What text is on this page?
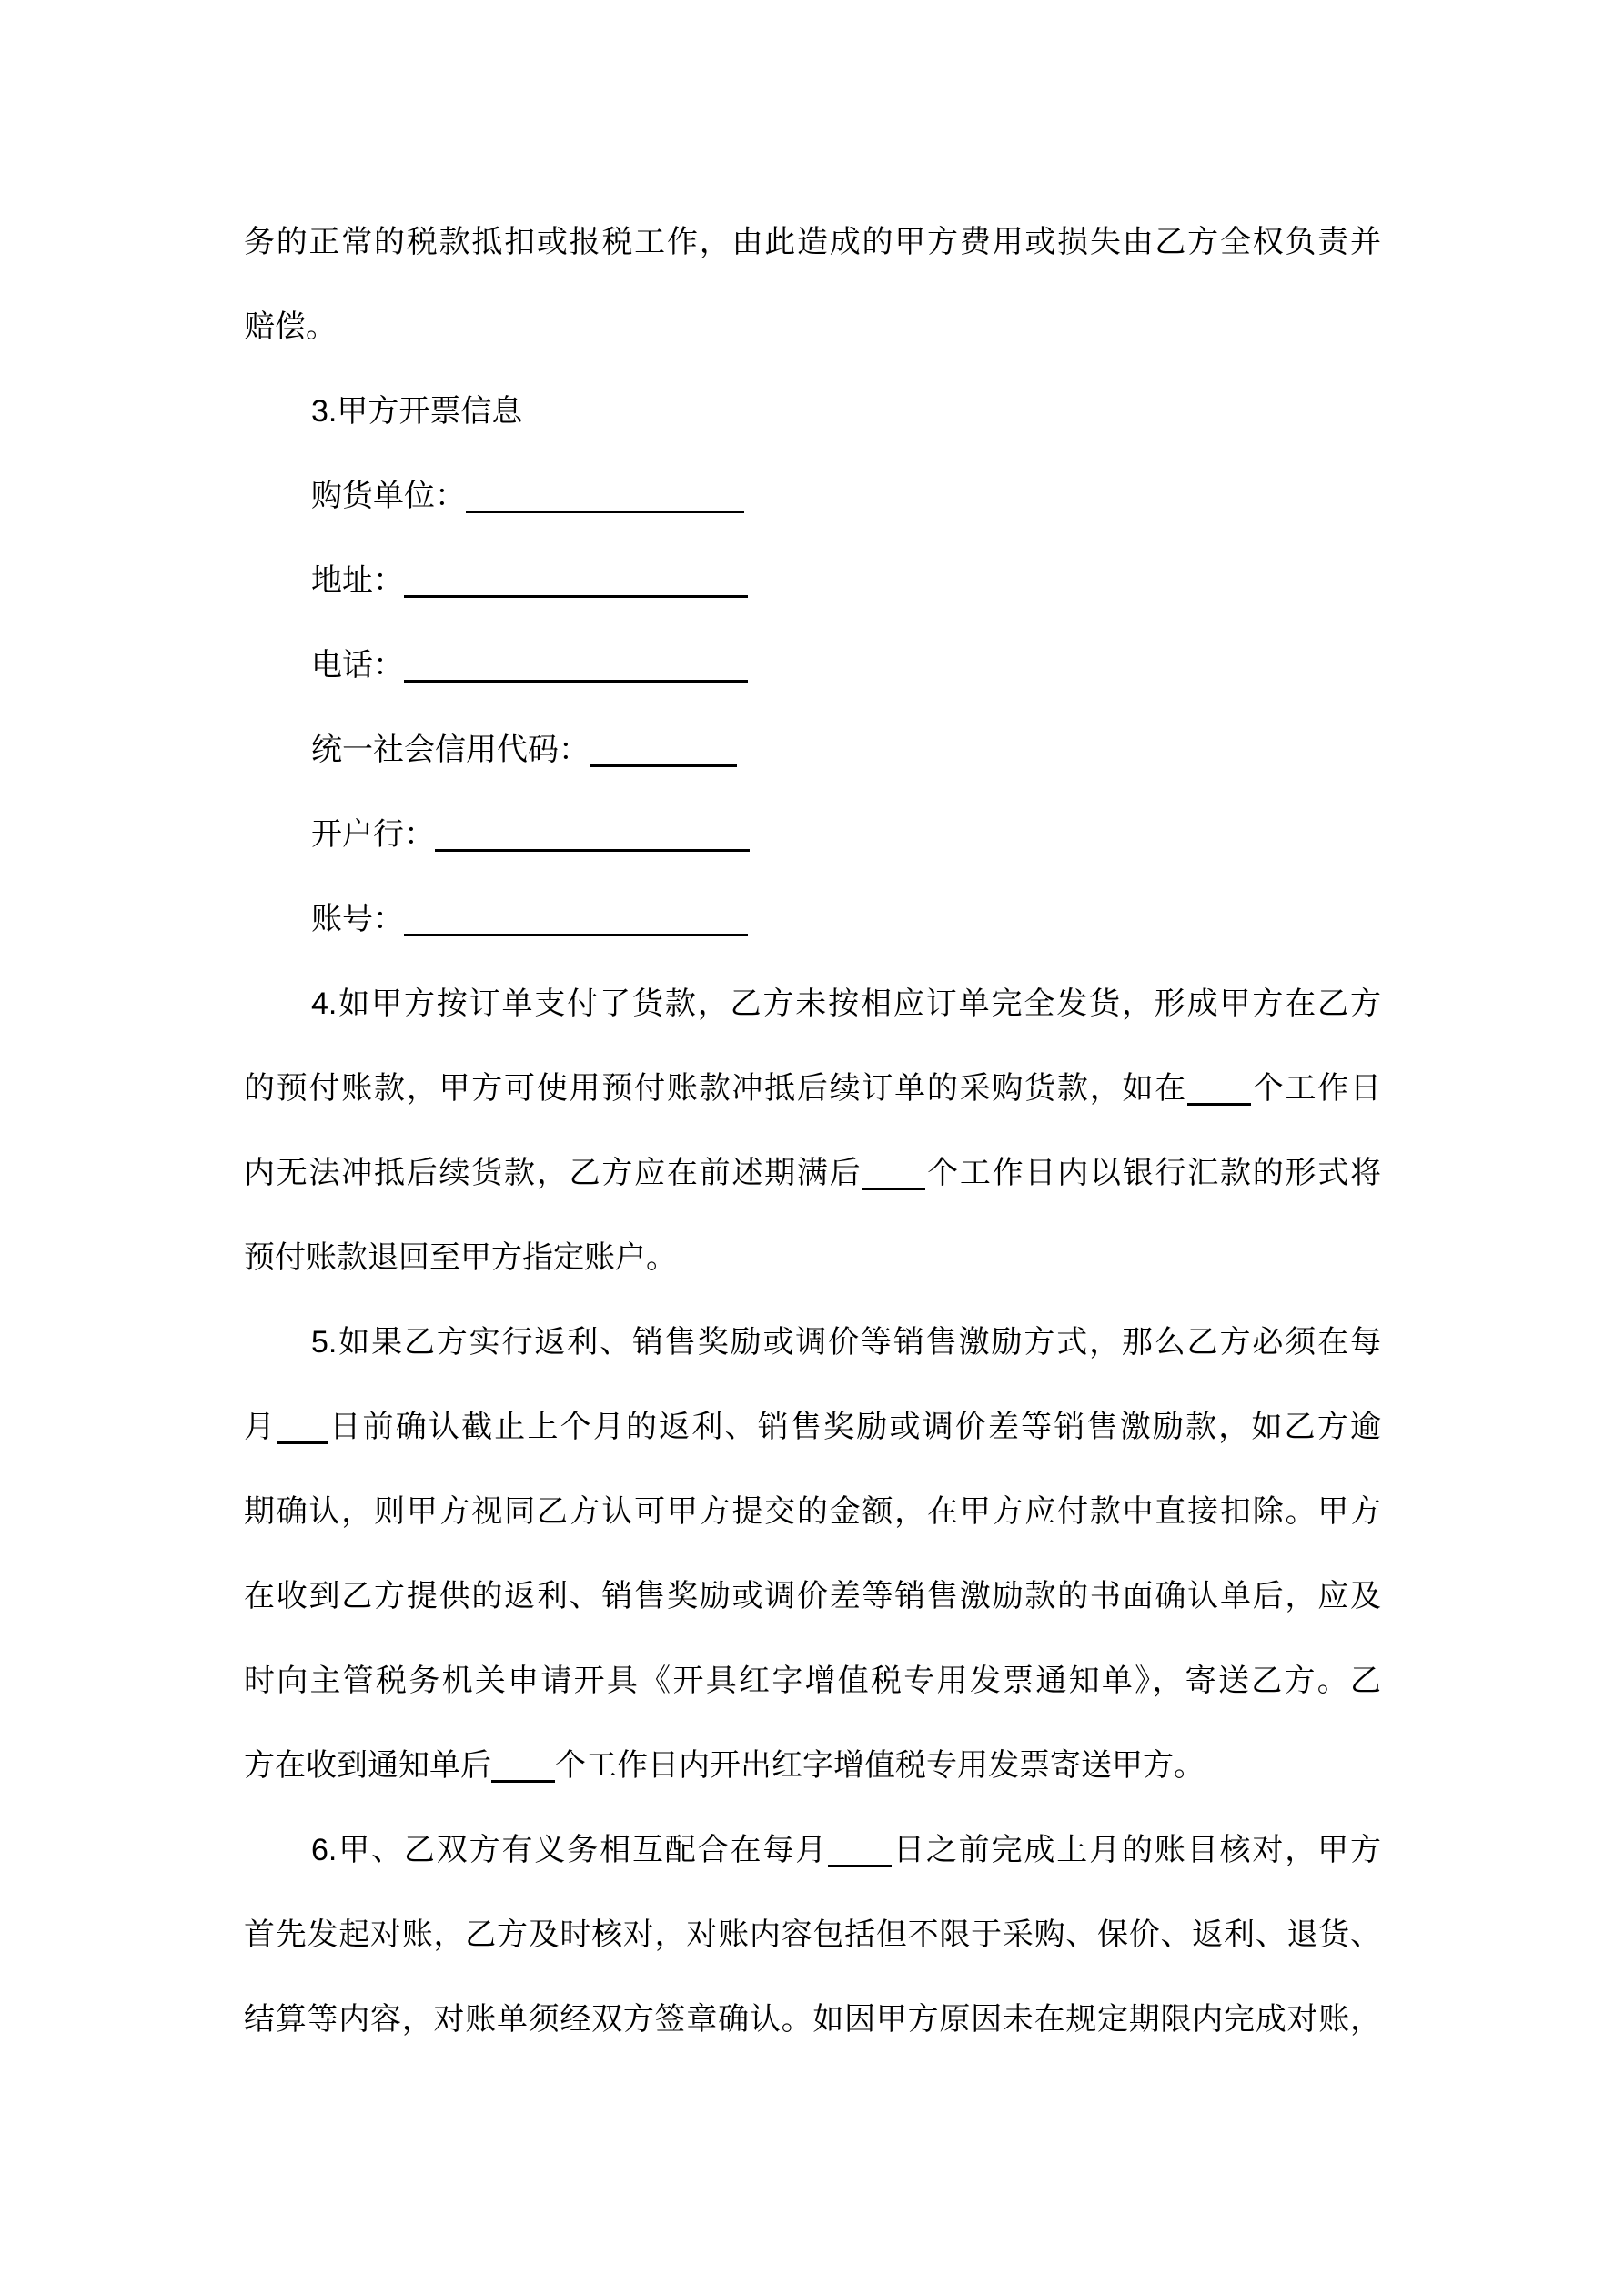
务的正常的税款抵扣或报税工作，由此造成的甲方费用或损失由乙方全权负责并
赔偿。
3.甲方开票信息
购货单位：
地址：
电话：
统一社会信用代码：
开户行：
账号：
4.如甲方按订单支付了货款，乙方未按相应订单完全发货，形成甲方在乙方
的预付账款，甲方可使用预付账款冲抵后续订单的采购货款，如在 个工作日
内无法冲抵后续货款，乙方应在前述期满后 个工作日内以银行汇款的形式将
预付账款退回至甲方指定账户。
5.如果乙方实行返利、销售奖励或调价等销售激励方式，那么乙方必须在每
月 日前确认截止上个月的返利、销售奖励或调价差等销售激励款，如乙方逾
期确认，则甲方视同乙方认可甲方提交的金额，在甲方应付款中直接扣除。甲方
在收到乙方提供的返利、销售奖励或调价差等销售激励款的书面确认单后，应及
时向主管税务机关申请开具《开具红字增值税专用发票通知单》，寄送乙方。乙
方在收到通知单后 个工作日内开出红字增值税专用发票寄送甲方。
6.甲、乙双方有义务相互配合在每月 日之前完成上月的账目核对，甲方
首先发起对账，乙方及时核对，对账内容包括但不限于采购、保价、返利、退货、
结算等内容，对账单须经双方签章确认。如因甲方原因未在规定期限内完成对账，
